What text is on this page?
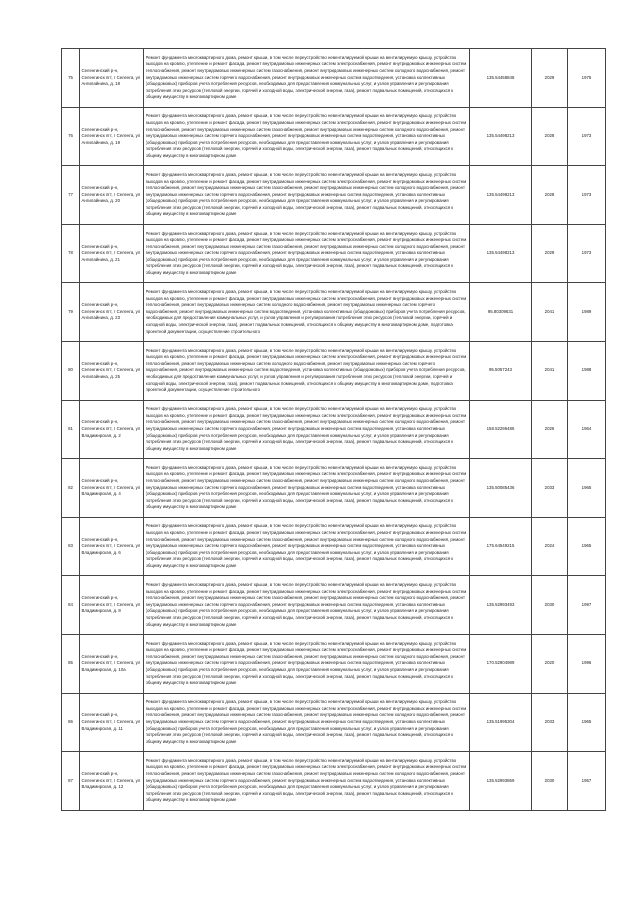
75	Селенгинский р-н, Селенгинск пгт, г Селенга, ул Ангилайнина, д. 18	Ремонт фундамента многоквартирного дома, ремонт крыши, в том числе переустройство невентилируемой крыши на вентилируемую крышу, устройство выходов на кровлю, утепление и ремонт фасада, ремонт внутридомовых инженерных систем электроснабжения, ремонт внутридомовых инженерных систем теплоснабжения, ремонт внутридомовых инженерных систем газоснабжения, ремонт внутридомовых инженерных систем холодного водоснабжения, ремонт внутридомовых инженерных систем горячего водоснабжения, ремонт внутридомовых инженерных систем водоотведения, установка коллективных (общедомовых) приборов учета потребления ресурсов, необходимых для предоставления коммунальных услуг, и узлов управления и регулирования потребления этих ресурсов (тепловой энергии, горячей и холодной воды, электрической энергии, газа), ремонт подвальных помещений, относящихся к общему имуществу в многоквартирном доме	135.54458848	2029	1975
76	Селенгинский р-н, Селенгинск пгт, г Селенга, ул Ангилайнина, д. 19	Ремонт фундамента многоквартирного дома, ремонт крыши, в том числе переустройство невентилируемой крыши на вентилируемую крышу, устройство выходов на кровлю, утепление и ремонт фасада, ремонт внутридомовых инженерных систем электроснабжения, ремонт внутридомовых инженерных систем теплоснабжения, ремонт внутридомовых инженерных систем газоснабжения, ремонт внутридомовых инженерных систем холодного водоснабжения, ремонт внутридомовых инженерных систем горячего водоснабжения, ремонт внутридомовых инженерных систем водоотведения, установка коллективных (общедомовых) приборов учета потребления ресурсов, необходимых для предоставления коммунальных услуг, и узлов управления и регулирования потребления этих ресурсов (тепловой энергии, горячей и холодной воды, электрической энергии, газа), ремонт подвальных помещений, относящихся к общему имуществу в многоквартирном доме	135.54498213	2028	1973
77	Селенгинский р-н, Селенгинск пгт, г Селенга, ул Ангилайнина, д. 20	Ремонт фундамента многоквартирного дома, ремонт крыши, в том числе переустройство невентилируемой крыши на вентилируемую крышу, устройство выходов на кровлю, утепление и ремонт фасада, ремонт внутридомовых инженерных систем электроснабжения, ремонт внутридомовых инженерных систем теплоснабжения, ремонт внутридомовых инженерных систем газоснабжения, ремонт внутридомовых инженерных систем холодного водоснабжения, ремонт внутридомовых инженерных систем горячего водоснабжения, ремонт внутридомовых инженерных систем водоотведения, установка коллективных (общедомовых) приборов учета потребления ресурсов, необходимых для предоставления коммунальных услуг, и узлов управления и регулирования потребления этих ресурсов (тепловой энергии, горячей и холодной воды, электрической энергии, газа), ремонт подвальных помещений, относящихся к общему имуществу в многоквартирном доме	135.54498213	2028	1973
78	Селенгинский р-н, Селенгинск пгт, г Селенга, ул Ангилайнина, д. 21	Ремонт фундамента многоквартирного дома, ремонт крыши, в том числе переустройство невентилируемой крыши на вентилируемую крышу, устройство выходов на кровлю, утепление и ремонт фасада, ремонт внутридомовых инженерных систем электроснабжения, ремонт внутридомовых инженерных систем теплоснабжения, ремонт внутридомовых инженерных систем газоснабжения, ремонт внутридомовых инженерных систем холодного водоснабжения, ремонт внутридомовых инженерных систем горячего водоснабжения, ремонт внутридомовых инженерных систем водоотведения, установка коллективных (общедомовых) приборов учета потребления ресурсов, необходимых для предоставления коммунальных услуг, и узлов управления и регулирования потребления этих ресурсов (тепловой энергии, горячей и холодной воды, электрической энергии, газа), ремонт подвальных помещений, относящихся к общему имуществу в многоквартирном доме	135.54498213	2029	1973
79	Селенгинский р-н, Селенгинск пгт, г Селенга, ул Ангилайнина, д. 23	Ремонт фундамента многоквартирного дома, ремонт крыши, в том числе переустройство невентилируемой крыши на вентилируемую крышу, устройство выходов на кровлю, утепление и ремонт фасада, ремонт внутридомовых инженерных систем электроснабжения, ремонт внутридомовых инженерных систем теплоснабжения, ремонт внутридомовых инженерных систем холодного водоснабжения, ремонт внутридомовых инженерных систем горячего водоснабжения, ремонт внутридомовых инженерных систем водоотведения, установка коллективных (общедомовых) приборов учета потребления ресурсов, необходимых для предоставления коммунальных услуг, и узлов управления и регулирования потребления этих ресурсов (тепловой энергии, горячей и холодной воды, электрической энергии, газа), ремонт подвальных помещений, относящихся к общему имуществу в многоквартирном доме, подготовка проектной документации, осуществление строительного	95.80309631	2041	1989
80	Селенгинский р-н, Селенгинск пгт, г Селенга, ул Ангилайнина, д. 25	Ремонт фундамента многоквартирного дома, ремонт крыши, в том числе переустройство невентилируемой крыши на вентилируемую крышу, устройство выходов на кровлю, утепление и ремонт фасада, ремонт внутридомовых инженерных систем электроснабжения, ремонт внутридомовых инженерных систем теплоснабжения, ремонт внутридомовых инженерных систем холодного водоснабжения, ремонт внутридомовых инженерных систем горячего водоснабжения, ремонт внутридомовых инженерных систем водоотведения, установка коллективных (общедомовых) приборов учета потребления ресурсов, необходимых для предоставления коммунальных услуг, и узлов управления и регулирования потребления этих ресурсов (тепловой энергии, горячей и холодной воды, электрической энергии, газа), ремонт подвальных помещений, относящихся к общему имуществу в многоквартирном доме, подготовка проектной документации, осуществление строительного	95.5057243	2041	1988
81	Селенгинский р-н, Селенгинск пгт, г Селенга, ул Владимирская, д. 2	Ремонт фундамента многоквартирного дома, ремонт крыши, в том числе переустройство невентилируемой крыши на вентилируемую крышу, устройство выходов на кровлю, утепление и ремонт фасада, ремонт внутридомовых инженерных систем электроснабжения, ремонт внутридомовых инженерных систем теплоснабжения, ремонт внутридомовых инженерных систем газоснабжения, ремонт внутридомовых инженерных систем холодного водоснабжения, ремонт внутридомовых инженерных систем горячего водоснабжения, ремонт внутридомовых инженерных систем водоотведения, установка коллективных (общедомовых) приборов учета потребления ресурсов, необходимых для предоставления коммунальных услуг, и узлов управления и регулирования потребления этих ресурсов (тепловой энергии, горячей и холодной воды, электрической энергии, газа), ремонт подвальных помещений, относящихся к общему имуществу в многоквартирном доме	158.52296486	2026	1964
82	Селенгинский р-н, Селенгинск пгт, г Селенга, ул Владимирская, д. 4	Ремонт фундамента многоквартирного дома, ремонт крыши, в том числе переустройство невентилируемой крыши на вентилируемую крышу, устройство выходов на кровлю, утепление и ремонт фасада, ремонт внутридомовых инженерных систем электроснабжения, ремонт внутридомовых инженерных систем теплоснабжения, ремонт внутридомовых инженерных систем газоснабжения, ремонт внутридомовых инженерных систем холодного водоснабжения, ремонт внутридомовых инженерных систем горячего водоснабжения, ремонт внутридомовых инженерных систем водоотведения, установка коллективных (общедомовых) приборов учета потребления ресурсов, необходимых для предоставления коммунальных услуг, и узлов управления и регулирования потребления этих ресурсов (тепловой энергии, горячей и холодной воды, электрической энергии, газа), ремонт подвальных помещений, относящихся к общему имуществу в многоквартирном доме	135.50085436	2033	1965
83	Селенгинский р-н, Селенгинск пгт, г Селенга, ул Владимирская, д. 6	Ремонт фундамента многоквартирного дома, ремонт крыши, в том числе переустройство невентилируемой крыши на вентилируемую крышу, устройство выходов на кровлю, утепление и ремонт фасада, ремонт внутридомовых инженерных систем электроснабжения, ремонт внутридомовых инженерных систем теплоснабжения, ремонт внутридомовых инженерных систем газоснабжения, ремонт внутридомовых инженерных систем холодного водоснабжения, ремонт внутридомовых инженерных систем горячего водоснабжения, ремонт внутридомовых инженерных систем водоотведения, установка коллективных (общедомовых) приборов учета потребления ресурсов, необходимых для предоставления коммунальных услуг, и узлов управления и регулирования потребления этих ресурсов (тепловой энергии, горячей и холодной воды, электрической энергии, газа), ремонт подвальных помещений, относящихся к общему имуществу в многоквартирном доме	175.64549215	2024	1965
84	Селенгинский р-н, Селенгинск пгт, г Селенга, ул Владимирская, д. 8	Ремонт фундамента многоквартирного дома, ремонт крыши, в том числе переустройство невентилируемой крыши на вентилируемую крышу, устройство выходов на кровлю, утепление и ремонт фасада, ремонт внутридомовых инженерных систем электроснабжения, ремонт внутридомовых инженерных систем теплоснабжения, ремонт внутридомовых инженерных систем газоснабжения, ремонт внутридомовых инженерных систем холодного водоснабжения, ремонт внутридомовых инженерных систем горячего водоснабжения, ремонт внутридомовых инженерных систем водоотведения, установка коллективных (общедомовых) приборов учета потребления ресурсов, необходимых для предоставления коммунальных услуг, и узлов управления и регулирования потребления этих ресурсов (тепловой энергии, горячей и холодной воды, электрической энергии, газа), ремонт подвальных помещений, относящихся к общему имуществу в многоквартирном доме	135.52993493	2030	1997
85	Селенгинский р-н, Селенгинск пгт, г Селенга, ул Владимирская, д. 10а	Ремонт фундамента многоквартирного дома, ремонт крыши, в том числе переустройство невентилируемой крыши на вентилируемую крышу, устройство выходов на кровлю, утепление и ремонт фасада, ремонт внутридомовых инженерных систем электроснабжения, ремонт внутридомовых инженерных систем теплоснабжения, ремонт внутридомовых инженерных систем газоснабжения, ремонт внутридомовых инженерных систем холодного водоснабжения, ремонт внутридомовых инженерных систем горячего водоснабжения, ремонт внутридомовых инженерных систем водоотведения, установка коллективных (общедомовых) приборов учета потребления ресурсов, необходимых для предоставления коммунальных услуг, и узлов управления и регулирования потребления этих ресурсов (тепловой энергии, горячей и холодной воды, электрической энергии, газа), ремонт подвальных помещений, относящихся к общему имуществу в многоквартирном доме	170.52904989	2020	1996
86	Селенгинский р-н, Селенгинск пгт, г Селенга, ул Владимирская, д. 11	Ремонт фундамента многоквартирного дома, ремонт крыши, в том числе переустройство невентилируемой крыши на вентилируемую крышу, устройство выходов на кровлю, утепление и ремонт фасада, ремонт внутридомовых инженерных систем электроснабжения, ремонт внутридомовых инженерных систем теплоснабжения, ремонт внутридомовых инженерных систем газоснабжения, ремонт внутридомовых инженерных систем холодного водоснабжения, ремонт внутридомовых инженерных систем горячего водоснабжения, ремонт внутридомовых инженерных систем водоотведения, установка коллективных (общедомовых) приборов учета потребления ресурсов, необходимых для предоставления коммунальных услуг, и узлов управления и регулирования потребления этих ресурсов (тепловой энергии, горячей и холодной воды, электрической энергии, газа), ремонт подвальных помещений, относящихся к общему имуществу в многоквартирном доме	135.51995304	2033	1965
87	Селенгинский р-н, Селенгинск пгт, г Селенга, ул Владимирская, д. 12	Ремонт фундамента многоквартирного дома, ремонт крыши, в том числе переустройство невентилируемой крыши на вентилируемую крышу, устройство выходов на кровлю, утепление и ремонт фасада, ремонт внутридомовых инженерных систем электроснабжения, ремонт внутридомовых инженерных систем теплоснабжения, ремонт внутридомовых инженерных систем газоснабжения, ремонт внутридомовых инженерных систем холодного водоснабжения, ремонт внутридомовых инженерных систем горячего водоснабжения, ремонт внутридомовых инженерных систем водоотведения, установка коллективных (общедомовых) приборов учета потребления ресурсов, необходимых для предоставления коммунальных услуг, и узлов управления и регулирования потребления этих ресурсов (тепловой энергии, горячей и холодной воды, электрической энергии, газа), ремонт подвальных помещений, относящихся к общему имуществу в многоквартирном доме	135.52993869	2030	1957
